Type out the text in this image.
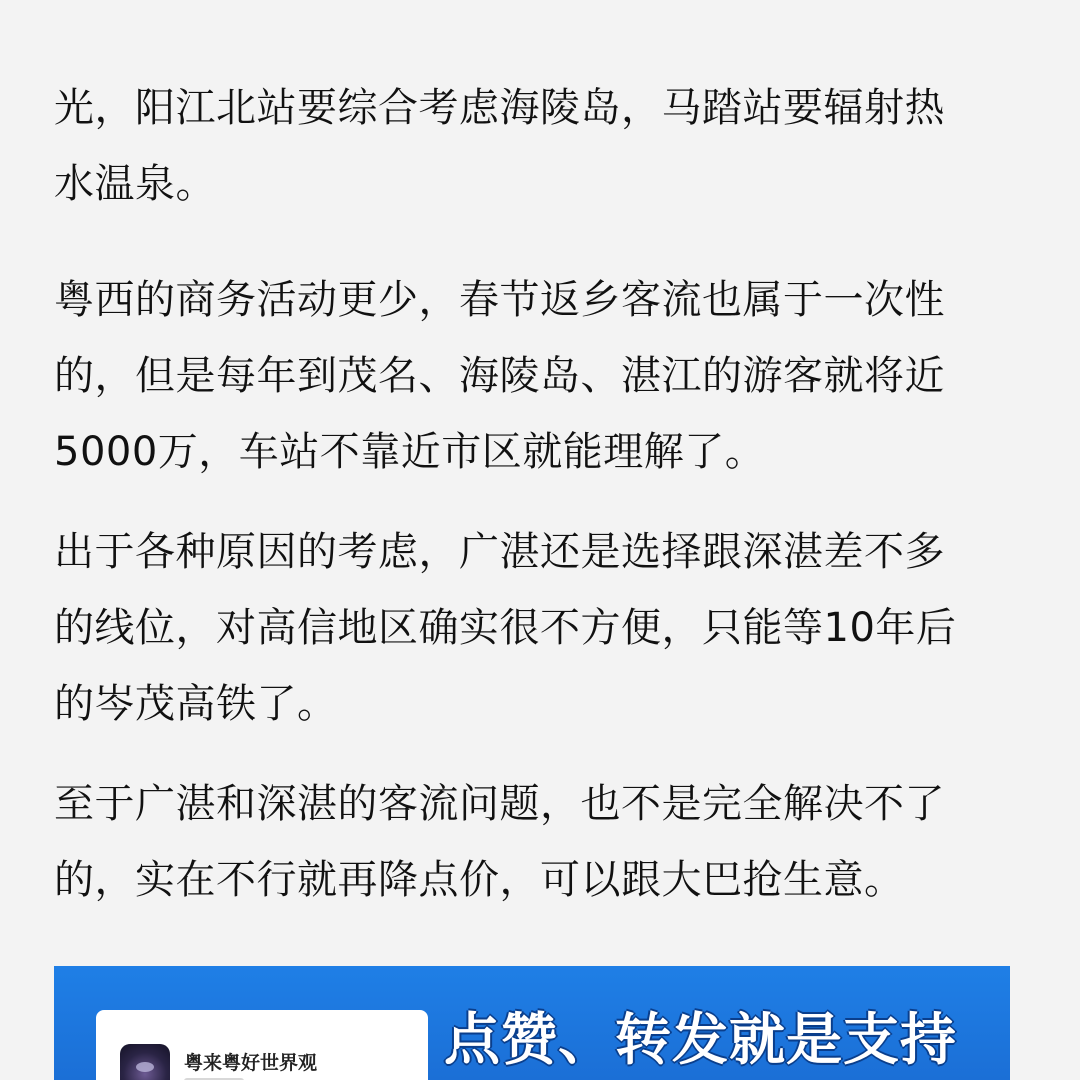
光，阳江北站要综合考虑海陵岛，马踏站要辐射热
水温泉。

粤西的商务活动更少，春节返乡客流也属于一次性
的，但是每年到茂名、海陵岛、湛江的游客就将近
5000万，车站不靠近市区就能理解了。

出于各种原因的考虑，广湛还是选择跟深湛差不多
的线位，对高信地区确实很不方便，只能等10年后
的岑茂高铁了。

至于广湛和深湛的客流问题，也不是完全解决不了
的，实在不行就再降点价，可以跟大巴抢生意。

粤来粤好世界观 点赞、转发就是支持
